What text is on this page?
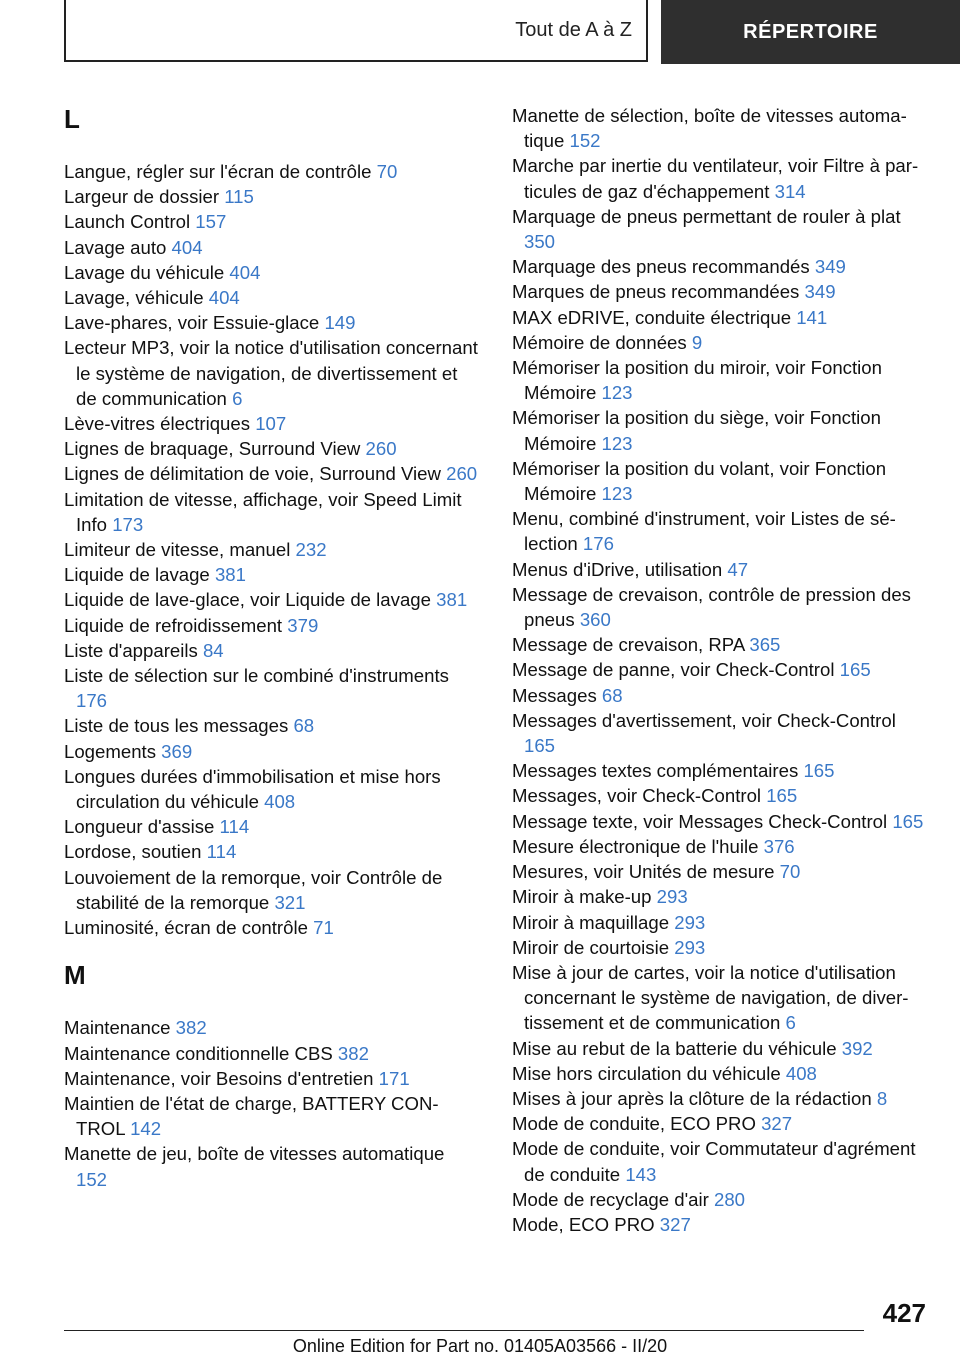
Tout de A à Z	RÉPERTOIRE
L
Langue, régler sur l'écran de contrôle 70
Largeur de dossier 115
Launch Control 157
Lavage auto 404
Lavage du véhicule 404
Lavage, véhicule 404
Lave-phares, voir Essuie-glace 149
Lecteur MP3, voir la notice d'utilisation concernant le système de navigation, de divertissement et de communication 6
Lève-vitres électriques 107
Lignes de braquage, Surround View 260
Lignes de délimitation de voie, Surround View 260
Limitation de vitesse, affichage, voir Speed Limit Info 173
Limiteur de vitesse, manuel 232
Liquide de lavage 381
Liquide de lave-glace, voir Liquide de lavage 381
Liquide de refroidissement 379
Liste d'appareils 84
Liste de sélection sur le combiné d'instruments 176
Liste de tous les messages 68
Logements 369
Longues durées d'immobilisation et mise hors circulation du véhicule 408
Longueur d'assise 114
Lordose, soutien 114
Louvoiement de la remorque, voir Contrôle de stabilité de la remorque 321
Luminosité, écran de contrôle 71
M
Maintenance 382
Maintenance conditionnelle CBS 382
Maintenance, voir Besoins d'entretien 171
Maintien de l'état de charge, BATTERY CONTROL 142
Manette de jeu, boîte de vitesses automatique 152
Manette de sélection, boîte de vitesses automatique 152
Marche par inertie du ventilateur, voir Filtre à particules de gaz d'échappement 314
Marquage de pneus permettant de rouler à plat 350
Marquage des pneus recommandés 349
Marques de pneus recommandées 349
MAX eDRIVE, conduite électrique 141
Mémoire de données 9
Mémoriser la position du miroir, voir Fonction Mémoire 123
Mémoriser la position du siège, voir Fonction Mémoire 123
Mémoriser la position du volant, voir Fonction Mémoire 123
Menu, combiné d'instrument, voir Listes de sélection 176
Menus d'iDrive, utilisation 47
Message de crevaison, contrôle de pression des pneus 360
Message de crevaison, RPA 365
Message de panne, voir Check-Control 165
Messages 68
Messages d'avertissement, voir Check-Control 165
Messages textes complémentaires 165
Messages, voir Check-Control 165
Message texte, voir Messages Check-Control 165
Mesure électronique de l'huile 376
Mesures, voir Unités de mesure 70
Miroir à make-up 293
Miroir à maquillage 293
Miroir de courtoisie 293
Mise à jour de cartes, voir la notice d'utilisation concernant le système de navigation, de divertissement et de communication 6
Mise au rebut de la batterie du véhicule 392
Mise hors circulation du véhicule 408
Mises à jour après la clôture de la rédaction 8
Mode de conduite, ECO PRO 327
Mode de conduite, voir Commutateur d'agrément de conduite 143
Mode de recyclage d'air 280
Mode, ECO PRO 327
427
Online Edition for Part no. 01405A03566 - II/20
